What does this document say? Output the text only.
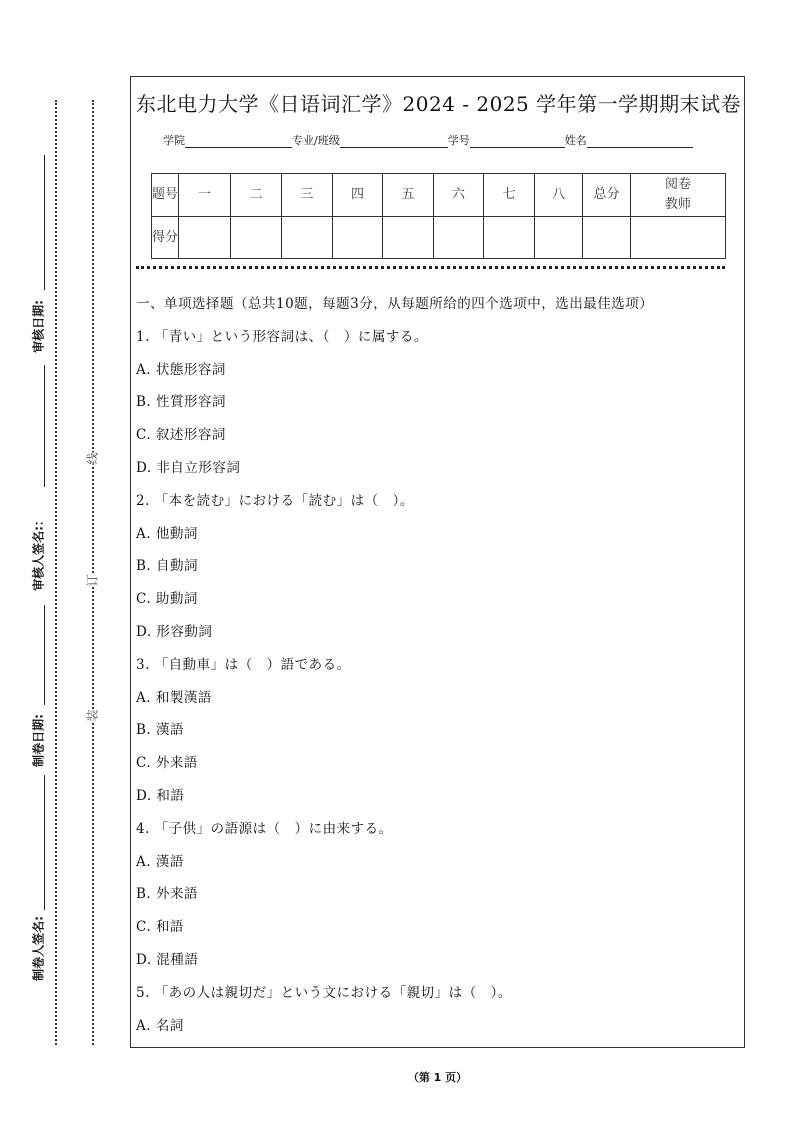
审核日期:
审核人签名:：
制卷日期:
制卷人签名:
线
订
装
东北电力大学《日语词汇学》2024 - 2025 学年第一学期期末试卷
学院	专业/班级	学号	姓名
题号	一	二	三	四	五	六	七	八	总分	阅卷
教师

得分										
一、单项选择题（总共10题，每题3分，从每题所给的四个选项中，选出最佳选项）
1. 「青い」という形容詞は、（　）に属する。
A. 状態形容詞
B. 性質形容詞
C. 叙述形容詞
D. 非自立形容詞
2. 「本を読む」における「読む」は（　）。
A. 他動詞
B. 自動詞
C. 助動詞
D. 形容動詞
3. 「自動車」は（　）語である。
A. 和製漢語
B. 漢語
C. 外来語
D. 和語
4. 「子供」の語源は（　）に由来する。
A. 漢語
B. 外来語
C. 和語
D. 混種語
5. 「あの人は親切だ」という文における「親切」は（　）。
A. 名詞
（第 1 页）
